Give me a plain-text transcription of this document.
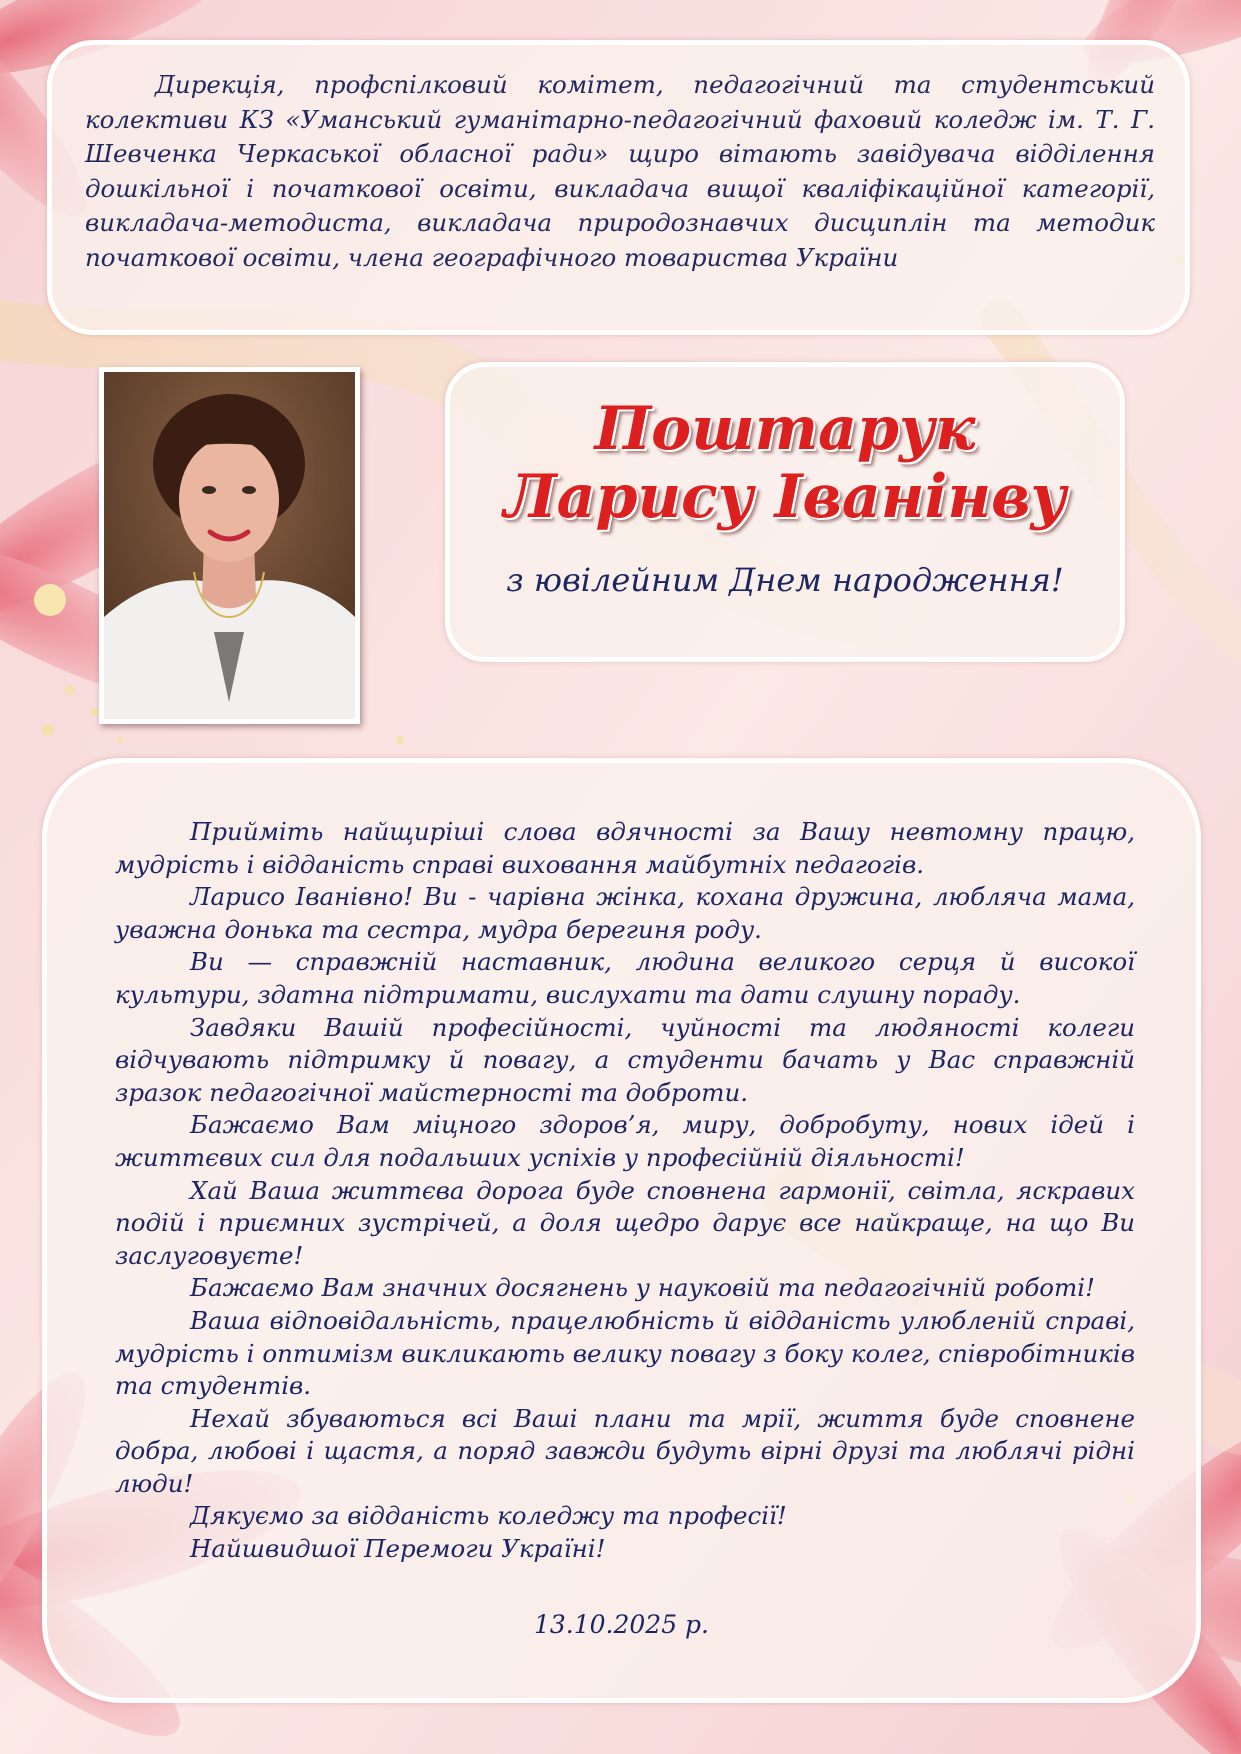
Дирекція, профспілковий комітет, педагогічний та студентський колективи КЗ «Уманський гуманітарно-педагогічний фаховий коледж ім. Т. Г. Шевченка Черкаської обласної ради» щиро вітають завідувача відділення дошкільної і початкової освіти, викладача вищої кваліфікаційної категорії, викладача-методиста, викладача природознавчих дисциплін та методик початкової освіти, члена географічного товариства України

Поштарук
Ларису Іванінву

з ювілейним Днем народження!

Прийміть найщиріші слова вдячності за Вашу невтомну працю, мудрість і відданість справі виховання майбутніх педагогів.

Ларисо Іванівно! Ви - чарівна жінка, кохана дружина, любляча мама, уважна донька та сестра, мудра берегиня роду.

Ви — справжній наставник, людина великого серця й високої культури, здатна підтримати, вислухати та дати слушну пораду.

Завдяки Вашій професійності, чуйності та людяності колеги відчувають підтримку й повагу, а студенти бачать у Вас справжній зразок педагогічної майстерності та доброти.

Бажаємо Вам міцного здоров’я, миру, добробуту, нових ідей і життєвих сил для подальших успіхів у професійній діяльності!

Хай Ваша життєва дорога буде сповнена гармонії, світла, яскравих подій і приємних зустрічей, а доля щедро дарує все найкраще, на що Ви заслуговуєте!

Бажаємо Вам значних досягнень у науковій та педагогічній роботі!

Ваша відповідальність, працелюбність й відданість улюбленій справі, мудрість і оптимізм викликають велику повагу з боку колег, співробітників та студентів.

Нехай збуваються всі Ваші плани та мрії, життя буде сповнене добра, любові і щастя, а поряд завжди будуть вірні друзі та люблячі рідні люди!

Дякуємо за відданість коледжу та професії!

Найшвидшої Перемоги Україні!

13.10.2025 р.
